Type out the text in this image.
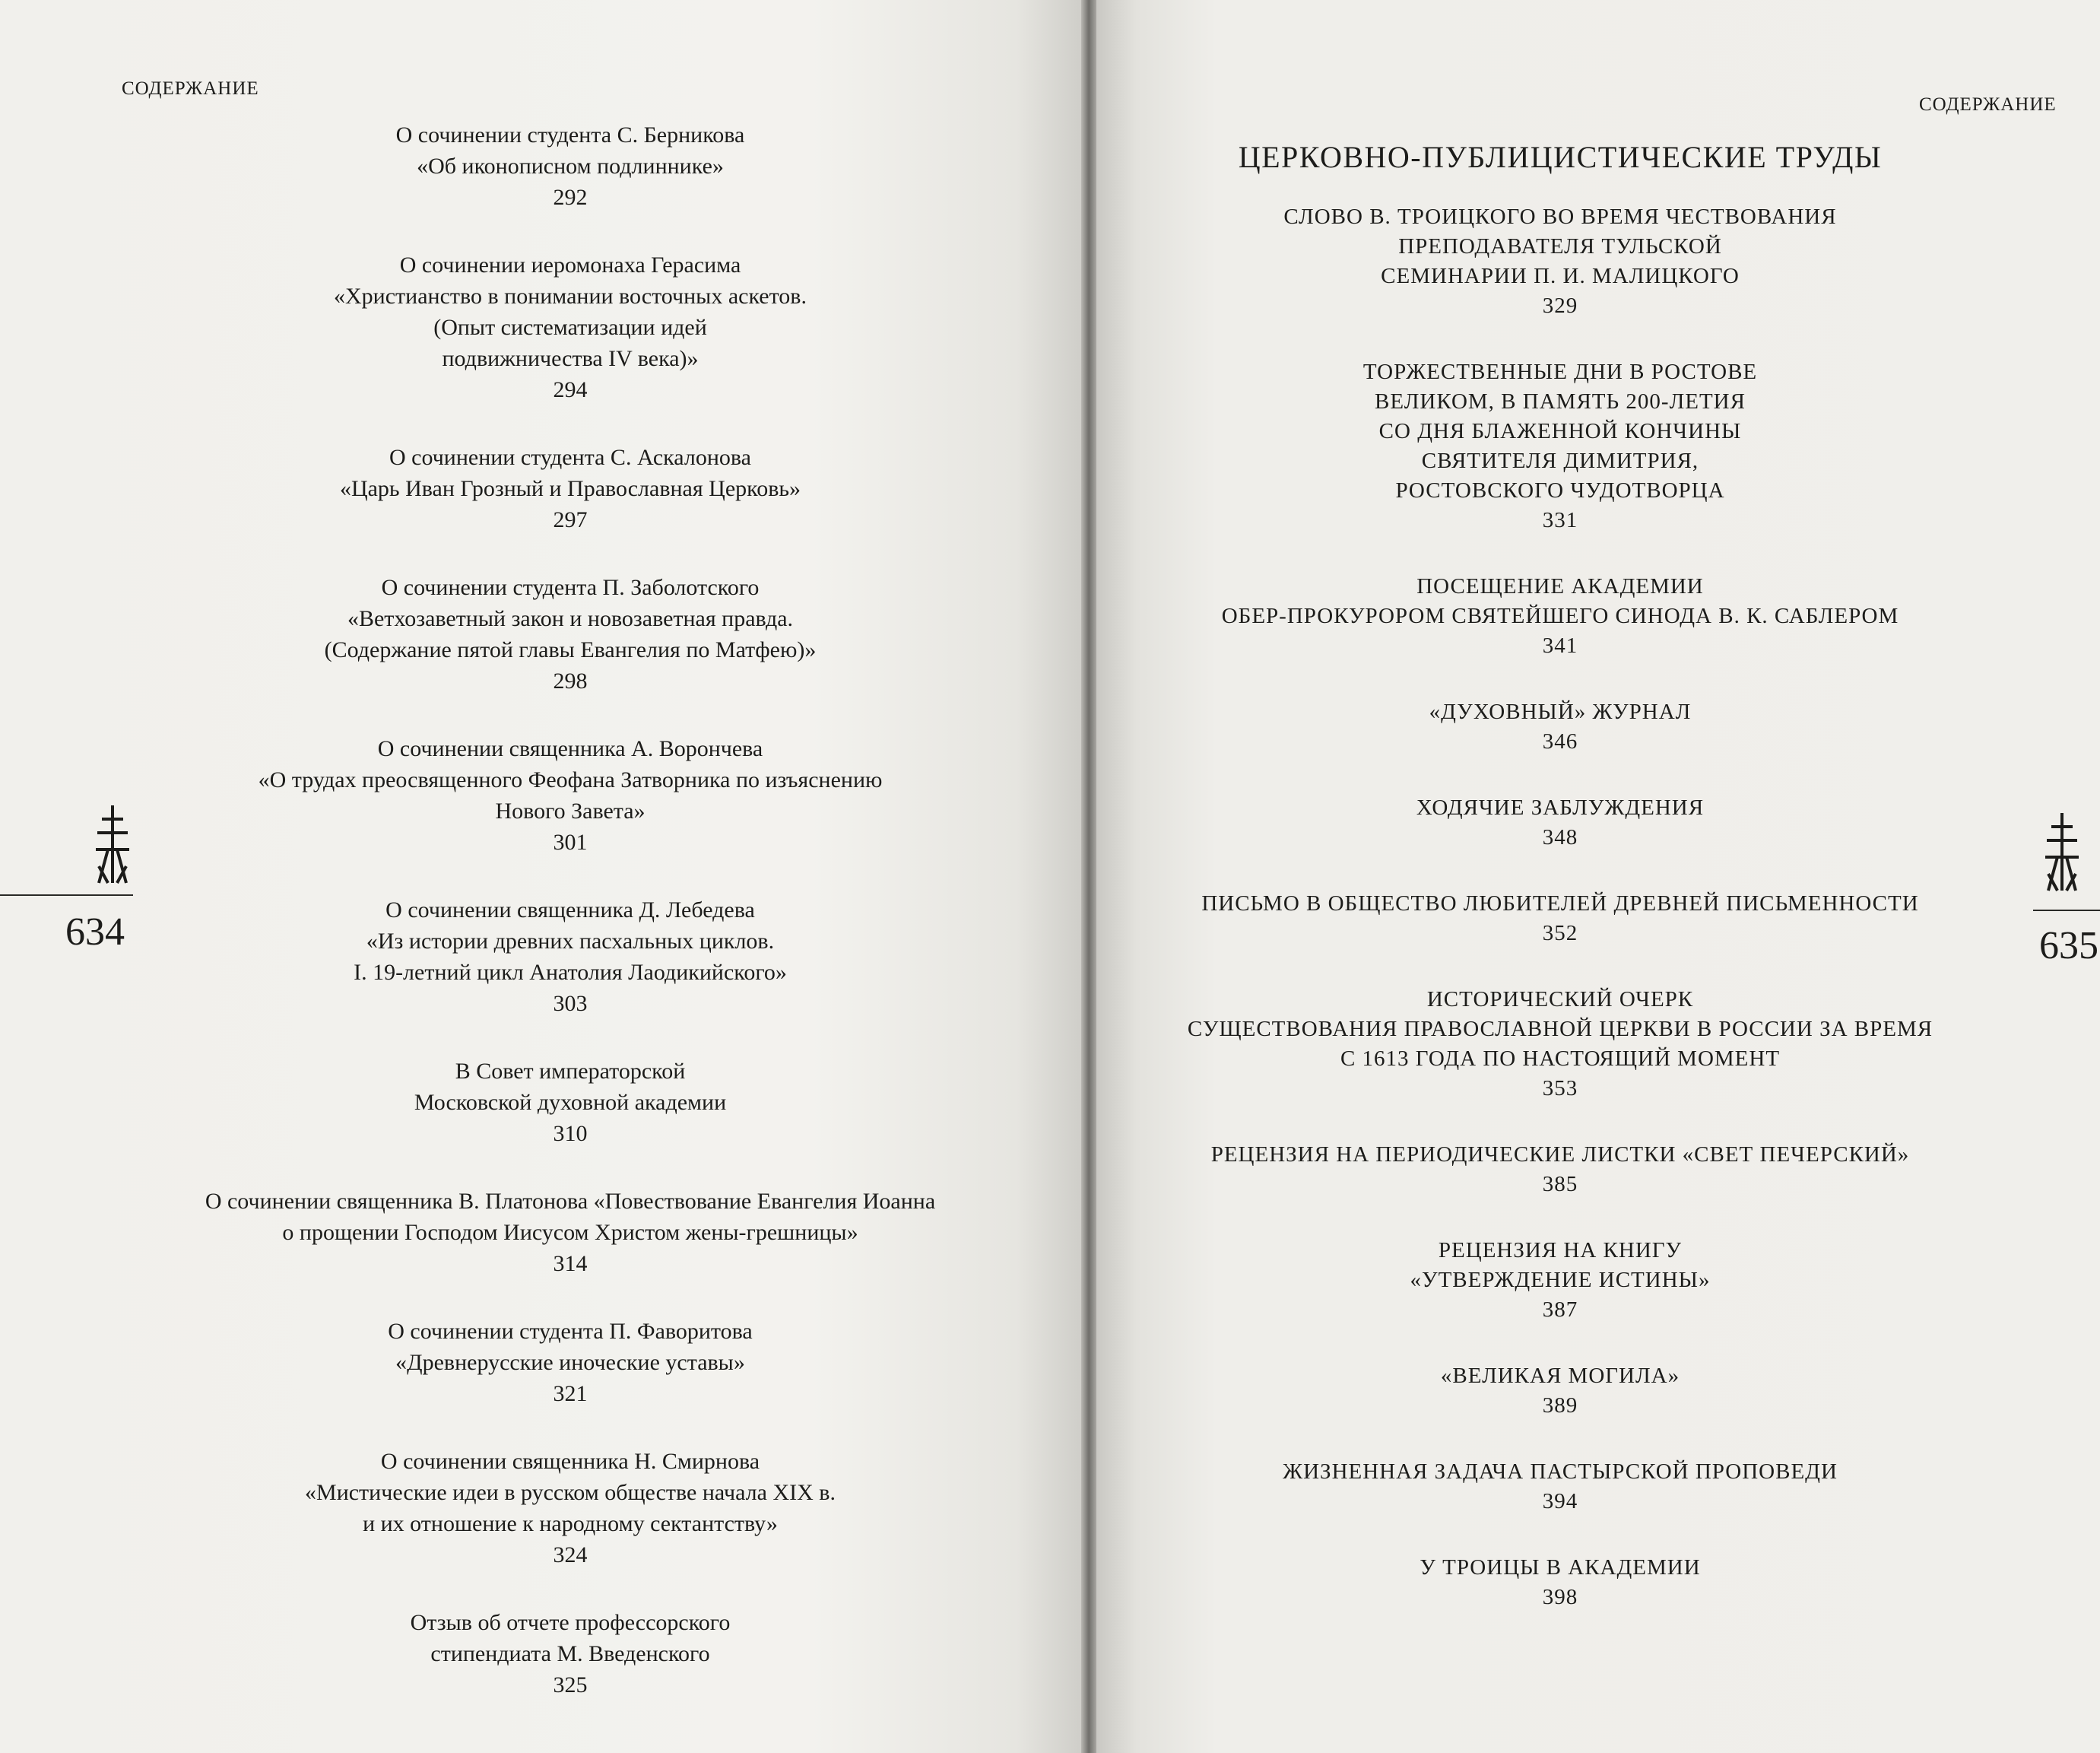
СОДЕРЖАНИЕ
О сочинении студента С. Берникова
«Об иконописном подлиннике»
292
О сочинении иеромонаха Герасима
«Христианство в понимании восточных аскетов.
(Опыт систематизации идей
подвижничества IV века)»
294
О сочинении студента С. Аскалонова
«Царь Иван Грозный и Православная Церковь»
297
О сочинении студента П. Заболотского
«Ветхозаветный закон и новозаветная правда.
(Содержание пятой главы Евангелия по Матфею)»
298
О сочинении священника А. Ворончева
«О трудах преосвященного Феофана Затворника по изъяснению
Нового Завета»
301
О сочинении священника Д. Лебедева
«Из истории древних пасхальных циклов.
I. 19-летний цикл Анатолия Лаодикийского»
303
В Совет императорской
Московской духовной академии
310
О сочинении священника В. Платонова «Повествование Евангелия Иоанна
о прощении Господом Иисусом Христом жены-грешницы»
314
О сочинении студента П. Фаворитова
«Древнерусские иноческие уставы»
321
О сочинении священника Н. Смирнова
«Мистические идеи в русском обществе начала XIX в.
и их отношение к народному сектантству»
324
Отзыв об отчете профессорского
стипендиата М. Введенского
325
634
СОДЕРЖАНИЕ
ЦЕРКОВНО-ПУБЛИЦИСТИЧЕСКИЕ ТРУДЫ
СЛОВО В. ТРОИЦКОГО ВО ВРЕМЯ ЧЕСТВОВАНИЯ
ПРЕПОДАВАТЕЛЯ ТУЛЬСКОЙ
СЕМИНАРИИ П. И. МАЛИЦКОГО
329
ТОРЖЕСТВЕННЫЕ ДНИ В РОСТОВЕ
ВЕЛИКОМ, В ПАМЯТЬ 200-ЛЕТИЯ
СО ДНЯ БЛАЖЕННОЙ КОНЧИНЫ
СВЯТИТЕЛЯ ДИМИТРИЯ,
РОСТОВСКОГО ЧУДОТВОРЦА
331
ПОСЕЩЕНИЕ АКАДЕМИИ
ОБЕР-ПРОКУРОРОМ СВЯТЕЙШЕГО СИНОДА В. К. САБЛЕРОМ
341
«ДУХОВНЫЙ» ЖУРНАЛ
346
ХОДЯЧИЕ ЗАБЛУЖДЕНИЯ
348
ПИСЬМО В ОБЩЕСТВО ЛЮБИТЕЛЕЙ ДРЕВНЕЙ ПИСЬМЕННОСТИ
352
ИСТОРИЧЕСКИЙ ОЧЕРК
СУЩЕСТВОВАНИЯ ПРАВОСЛАВНОЙ ЦЕРКВИ В РОССИИ ЗА ВРЕМЯ
С 1613 ГОДА ПО НАСТОЯЩИЙ МОМЕНТ
353
РЕЦЕНЗИЯ НА ПЕРИОДИЧЕСКИЕ ЛИСТКИ «СВЕТ ПЕЧЕРСКИЙ»
385
РЕЦЕНЗИЯ НА КНИГУ
«УТВЕРЖДЕНИЕ ИСТИНЫ»
387
«ВЕЛИКАЯ МОГИЛА»
389
ЖИЗНЕННАЯ ЗАДАЧА ПАСТЫРСКОЙ ПРОПОВЕДИ
394
У ТРОИЦЫ В АКАДЕМИИ
398
635
